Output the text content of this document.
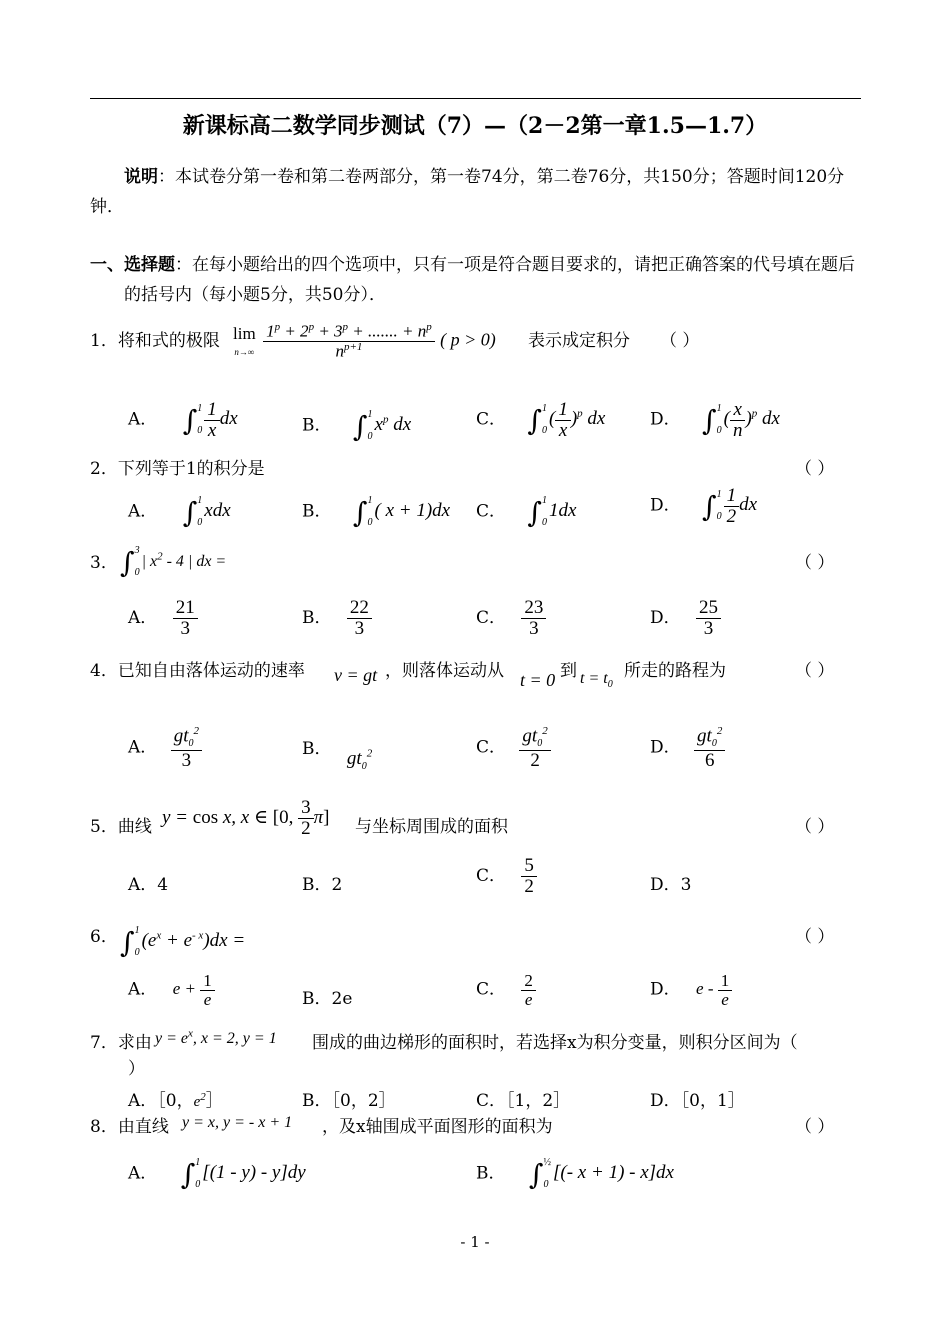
新课标高二数学同步测试（7）—（2－2第一章1.5—1.7）
说明：本试卷分第一卷和第二卷两部分，第一卷74分，第二卷76分，共150分；答题时间120分钟．
一、选择题：在每小题给出的四个选项中，只有一项是符合题目要求的，请把正确答案的代号填在题后的括号内（每小题5分，共50分）．
1．将和式的极限 lim
n→∞
$\frac{1^p + 2^p + 3^p + ....... + n^p}{n^{p+1}}$ ( p > 0) 表示成定积分 （ ）
A． ∫ 1
$0 \frac{1}{x}$ dx	B． ∫ 1
0
$x^p$ dx	C． ∫ 1
0
( $\frac{1}{x} )^p$ dx	D． ∫ 1
0
( $\frac{x}{n} )^p$ dx
2．下列等于1的积分是	（ ）
A． ∫ 1
0
xdx	B． ∫ 1
0
( x + 1)dx C． ∫ 1
0
1dx	D． ∫ 1
$0 \frac{1}{2}$ dx
3． ∫ 3
0
| $x^2 - 4$ | dx =	（ ）
A． $\frac{21}{3}$	B． $\frac{22}{3}$	C． $\frac{23}{3}$	D． $\frac{25}{3}$
4．已知自由落体运动的速率 v = gt ，则落体运动从 t = 0 到 $t = t_0$
所走的路程为	（ ）
A． $\frac{gt_0^2}{3}$	B． $gt_0^2$	C． $\frac{gt_0^2}{2}$	D． $\frac{gt_0^2}{6}$
5．曲线 y = cos x, x ∈ [0, $\frac{3}{2} \pi$] 与坐标周围成的面积	（ ）
A．4	B．2	C． $\frac{5}{2}$	D．3
6． ∫ 1
0
$(e^x + e^{- x})dx$ =	（ ）
A． $e + \frac{1}{e}$	B．2e	C． $\frac{2}{e}$	D． e - $\frac{1}{e}$
7．求由 $y = e^x$, x = 2, y = 1 围成的曲边梯形的面积时，若选择x为积分变量，则积分区间为（
）
A．［0，$e^2]$	B．［0，2］	C．［1，2］	D．［0，1］
8．由直线 y = x, y = - x + 1 ，及x轴围成平面图形的面积为	（ ）
A． ∫ 1
0
[(1 - y) - y]dy	B． ∫ ½
0
[(- x + 1) - x]dx
- 1 -
